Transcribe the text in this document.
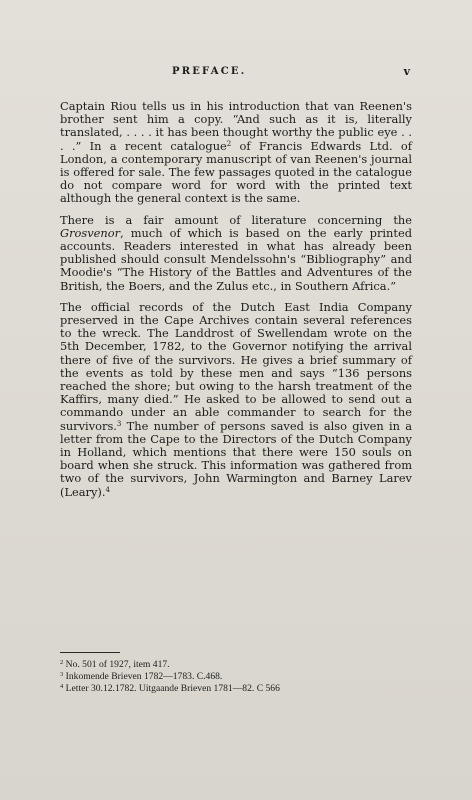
PREFACE.	v

Captain Riou tells us in his introduction that van Reenen's brother sent him a copy. “And such as it is, literally translated, . . . . it has been thought worthy the public eye . . . .” In a recent catalogue$^2$ of Francis Edwards Ltd. of London, a contemporary manuscript of van Reenen's journal is offered for sale. The few passages quoted in the catalogue do not compare word for word with the printed text although the general context is the same.

There is a fair amount of literature concerning the Grosvenor, much of which is based on the early printed accounts. Readers interested in what has already been published should consult Mendelssohn's “Bibliography” and Moodie's “The History of the Battles and Adventures of the British, the Boers, and the Zulus etc., in Southern Africa.”

The official records of the Dutch East India Company preserved in the Cape Archives contain several references to the wreck. The Landdrost of Swellendam wrote on the 5th December, 1782, to the Governor notifying the arrival there of five of the survivors. He gives a brief summary of the events as told by these men and says “136 persons reached the shore; but owing to the harsh treatment of the Kaffirs, many died.” He asked to be allowed to send out a commando under an able commander to search for the survivors.$^3$ The number of persons saved is also given in a letter from the Cape to the Directors of the Dutch Company in Holland, which mentions that there were 150 souls on board when she struck. This information was gathered from two of the survivors, John Warmington and Barney Larev (Leary).$^4$

$^2$ No. 501 of 1927, item 417.

$^3$ Inkomende Brieven 1782—1783. C.468.

$^4$ Letter 30.12.1782. Uitgaande Brieven 1781—82. C 566
